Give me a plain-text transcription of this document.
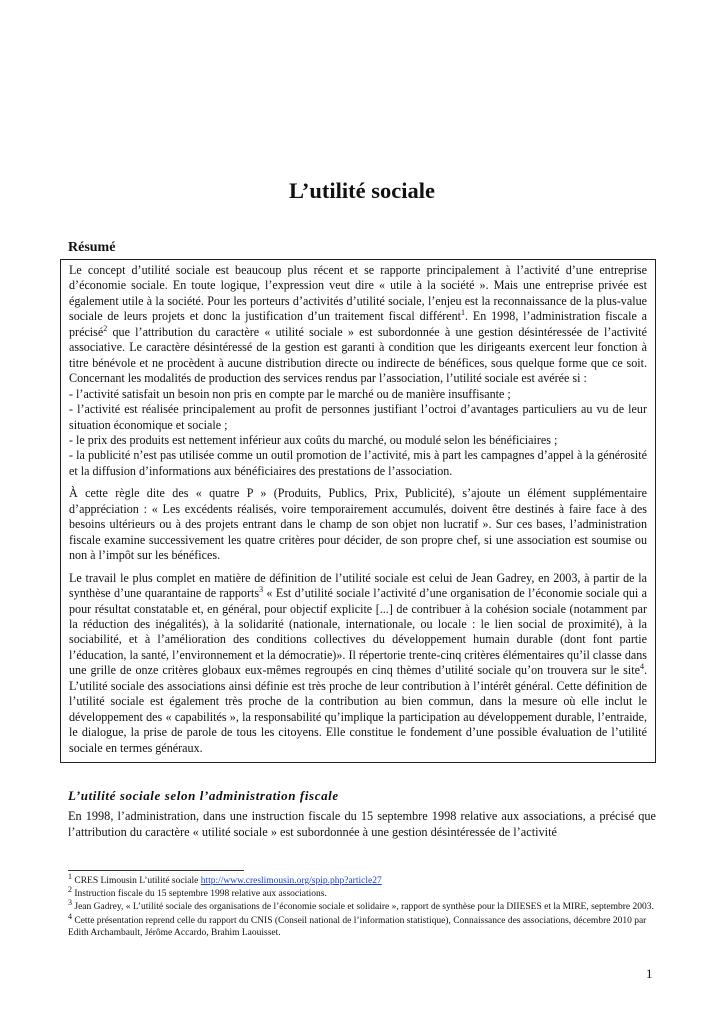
L’utilité sociale
Résumé

Le concept d’utilité sociale est beaucoup plus récent et se rapporte principalement à l’activité d’une entreprise d’économie sociale. En toute logique, l’expression veut dire « utile à la société ». Mais une entreprise privée est également utile à la société. Pour les porteurs d’activités d’utilité sociale, l’enjeu est la reconnaissance de la plus-value sociale de leurs projets et donc la justification d’un traitement fiscal différent$^1$. En 1998, l’administration fiscale a précisé$^2$ que l’attribution du caractère « utilité sociale » est subordonnée à une gestion désintéressée de l’activité associative. Le caractère désintéressé de la gestion est garanti à condition que les dirigeants exercent leur fonction à titre bénévole et ne procèdent à aucune distribution directe ou indirecte de bénéfices, sous quelque forme que ce soit. Concernant les modalités de production des services rendus par l’association, l’utilité sociale est avérée si :
- l’activité satisfait un besoin non pris en compte par le marché ou de manière insuffisante ;
- l’activité est réalisée principalement au profit de personnes justifiant l’octroi d’avantages particuliers au vu de leur situation économique et sociale ;
- le prix des produits est nettement inférieur aux coûts du marché, ou modulé selon les bénéficiaires ;
- la publicité n’est pas utilisée comme un outil promotion de l’activité, mis à part les campagnes d’appel à la générosité et la diffusion d’informations aux bénéficiaires des prestations de l’association.

À cette règle dite des « quatre P » (Produits, Publics, Prix, Publicité), s’ajoute un élément supplémentaire d’appréciation : « Les excédents réalisés, voire temporairement accumulés, doivent être destinés à faire face à des besoins ultérieurs ou à des projets entrant dans le champ de son objet non lucratif ». Sur ces bases, l’administration fiscale examine successivement les quatre critères pour décider, de son propre chef, si une association est soumise ou non à l’impôt sur les bénéfices.

Le travail le plus complet en matière de définition de l’utilité sociale est celui de Jean Gadrey, en 2003, à partir de la synthèse d’une quarantaine de rapports$^3$ « Est d’utilité sociale l’activité d’une organisation de l’économie sociale qui a pour résultat constatable et, en général, pour objectif explicite [...] de contribuer à la cohésion sociale (notamment par la réduction des inégalités), à la solidarité (nationale, internationale, ou locale : le lien social de proximité), à la sociabilité, et à l’amélioration des conditions collectives du développement humain durable (dont font partie l’éducation, la santé, l’environnement et la démocratie)». Il répertorie trente-cinq critères élémentaires qu’il classe dans une grille de onze critères globaux eux-mêmes regroupés en cinq thèmes d’utilité sociale qu’on trouvera sur le site$^4$. L’utilité sociale des associations ainsi définie est très proche de leur contribution à l’intérêt général. Cette définition de l’utilité sociale est également très proche de la contribution au bien commun, dans la mesure où elle inclut le développement des « capabilités », la responsabilité qu’implique la participation au développement durable, l’entraide, le dialogue, la prise de parole de tous les citoyens. Elle constitue le fondement d’une possible évaluation de l’utilité sociale en termes généraux.

L’utilité sociale selon l’administration fiscale

En 1998, l’administration, dans une instruction fiscale du 15 septembre 1998 relative aux associations, a précisé que l’attribution du caractère « utilité sociale » est subordonnée à une gestion désintéressée de l’activité

$^1$ CRES Limousin L’utilité sociale http://www.creslimousin.org/spip.php?article27
$^2$ Instruction fiscale du 15 septembre 1998 relative aux associations.
$^3$ Jean Gadrey, « L’utilité sociale des organisations de l’économie sociale et solidaire », rapport de synthèse pour la DIIESES et la MIRE, septembre 2003.
$^4$ Cette présentation reprend celle du rapport du CNIS (Conseil national de l’information statistique), Connaissance des associations, décembre 2010 par Edith Archambault, Jérôme Accardo, Brahim Laouisset.
1
